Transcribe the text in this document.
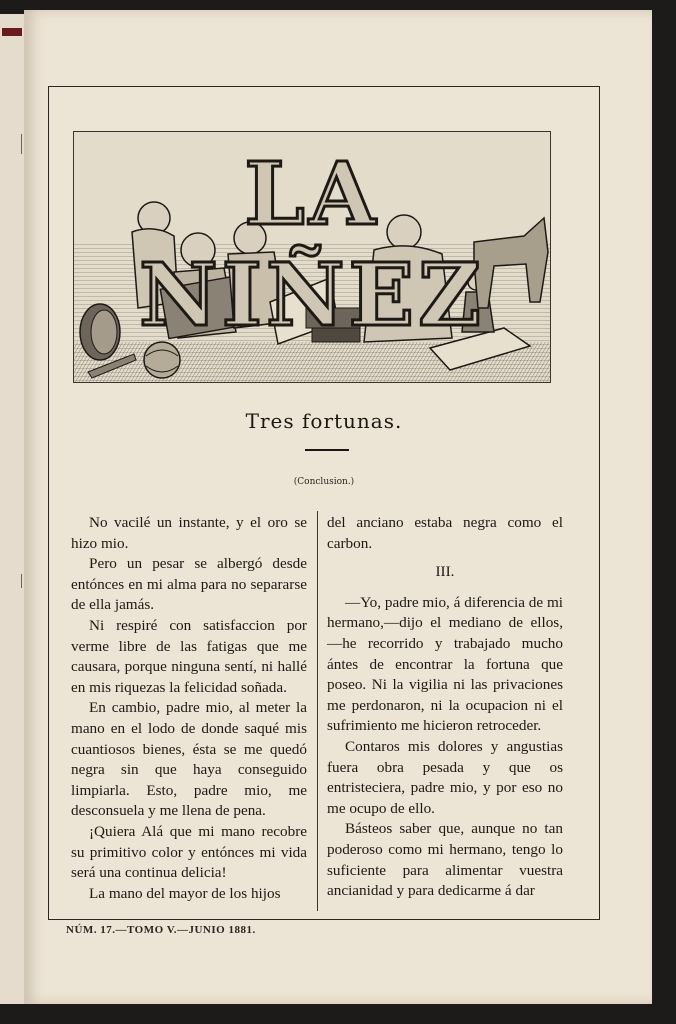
LA NIÑEZ
Tres fortunas.
(Conclusion.)

No vacilé un instante, y el oro se hizo mio.

Pero un pesar se albergó desde entónces en mi alma para no separarse de ella jamás.

Ni respiré con satisfaccion por verme libre de las fatigas que me causara, porque ninguna sentí, ni hallé en mis riquezas la felicidad soñada.

En cambio, padre mio, al meter la mano en el lodo de donde saqué mis cuantiosos bienes, ésta se me quedó negra sin que haya conseguido limpiarla. Esto, padre mio, me desconsuela y me llena de pena.

¡Quiera Alá que mi mano recobre su primitivo color y entónces mi vida será una continua delicia!

La mano del mayor de los hijos

del anciano estaba negra como el carbon.

III.

—Yo, padre mio, á diferencia de mi hermano,—dijo el mediano de ellos,—he recorrido y trabajado mucho ántes de encontrar la fortuna que poseo. Ni la vigilia ni las privaciones me perdonaron, ni la ocupacion ni el sufrimiento me hicieron retroceder.

Contaros mis dolores y angustias fuera obra pesada y que os entristeciera, padre mio, y por eso no me ocupo de ello.

Básteos saber que, aunque no tan poderoso como mi hermano, tengo lo suficiente para alimentar vuestra ancianidad y para dedicarme á dar

NÚM. 17.—TOMO V.—JUNIO 1881.
